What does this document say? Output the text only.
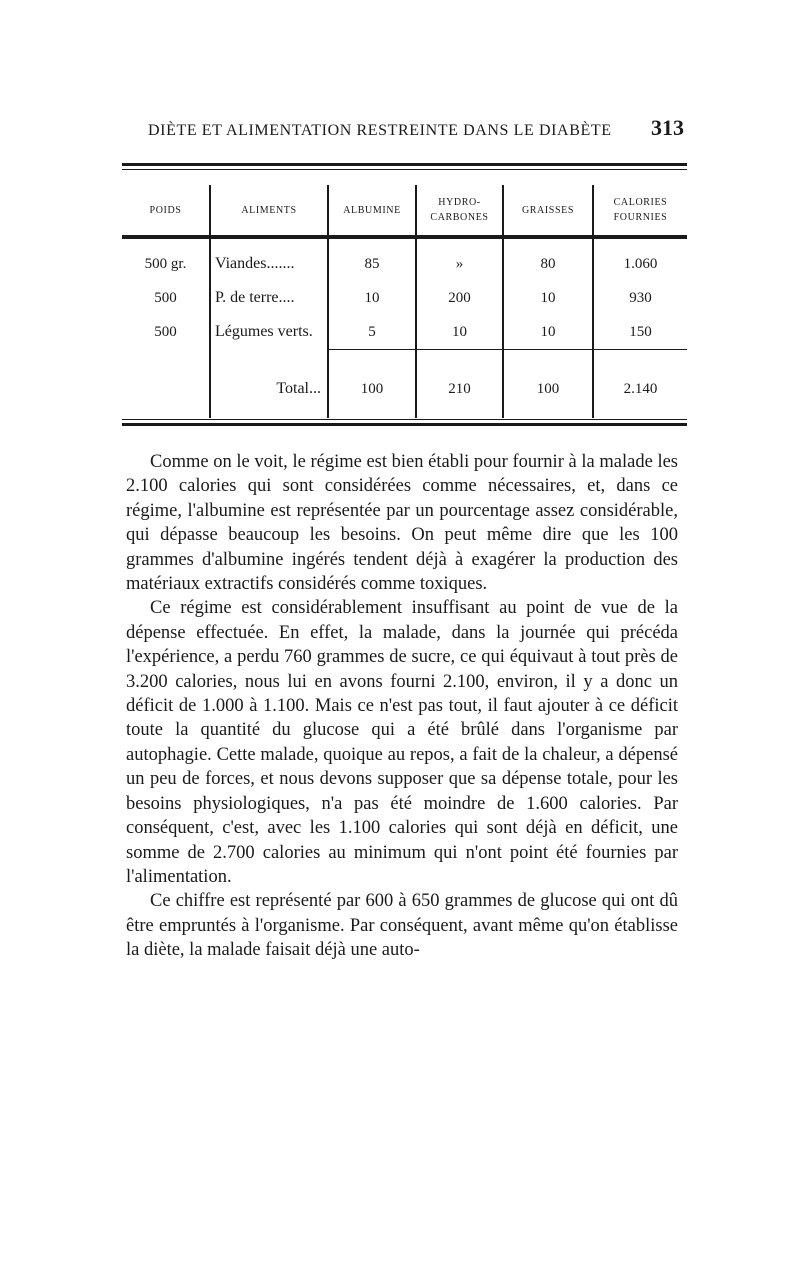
DIÈTE ET ALIMENTATION RESTREINTE DANS LE DIABÈTE 313
POIDS	ALIMENTS	ALBUMINE	HYDRO-CARBONES	GRAISSES	CALORIES FOURNIES
500 gr.	Viandes.......	85	»	80	1.060
500	P. de terre....	10	200	10	930
500	Légumes verts.	5	10	10	150
	Total...	100	210	100	2.140

Comme on le voit, le régime est bien établi pour fournir à la malade les 2.100 calories qui sont considérées comme nécessaires, et, dans ce régime, l'albumine est représentée par un pourcentage assez considérable, qui dépasse beaucoup les besoins. On peut même dire que les 100 grammes d'albumine ingérés tendent déjà à exagérer la production des matériaux extractifs considérés comme toxiques.

Ce régime est considérablement insuffisant au point de vue de la dépense effectuée. En effet, la malade, dans la journée qui précéda l'expérience, a perdu 760 grammes de sucre, ce qui équivaut à tout près de 3.200 calories, nous lui en avons fourni 2.100, environ, il y a donc un déficit de 1.000 à 1.100. Mais ce n'est pas tout, il faut ajouter à ce déficit toute la quantité du glucose qui a été brûlé dans l'organisme par autophagie. Cette malade, quoique au repos, a fait de la chaleur, a dépensé un peu de forces, et nous devons supposer que sa dépense totale, pour les besoins physiologiques, n'a pas été moindre de 1.600 calories. Par conséquent, c'est, avec les 1.100 calories qui sont déjà en déficit, une somme de 2.700 calories au minimum qui n'ont point été fournies par l'alimentation.

Ce chiffre est représenté par 600 à 650 grammes de glucose qui ont dû être empruntés à l'organisme. Par conséquent, avant même qu'on établisse la diète, la malade faisait déjà une auto-
